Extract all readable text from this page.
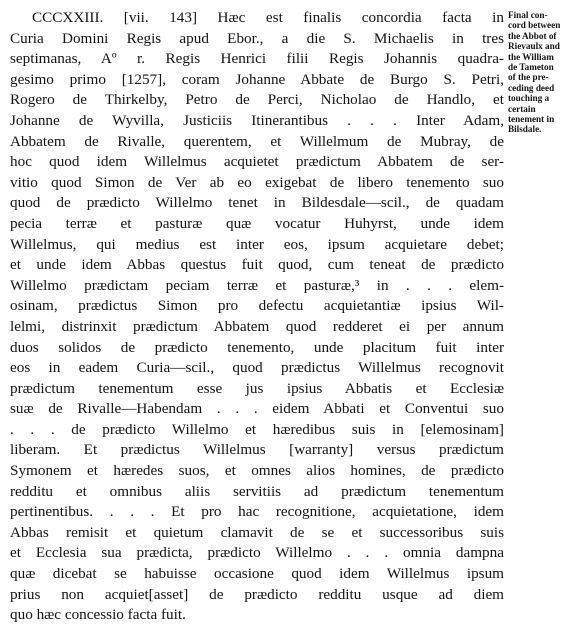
CCCXXIII. [vii. 143] Hæc est finalis concordia facta in
Curia Domini Regis apud Ebor., a die S. Michaelis in tres
septimanas, Aº r. Regis Henrici filii Regis Johannis quadra-
gesimo primo [1257], coram Johanne Abbate de Burgo S. Petri,
Rogero de Thirkelby, Petro de Perci, Nicholao de Handlo, et
Johanne de Wyvilla, Justiciis Itinerantibus . . . Inter Adam,
Abbatem de Rivalle, querentem, et Willelmum de Mubray, de
hoc quod idem Willelmus acquietet prædictum Abbatem de ser-
vitio quod Simon de Ver ab eo exigebat de libero tenemento suo
quod de prædicto Willelmo tenet in Bildesdale—scil., de quadam
pecia terræ et pasturæ quæ vocatur Huhyrst, unde idem
Willelmus, qui medius est inter eos, ipsum acquietare debet;
et unde idem Abbas questus fuit quod, cum teneat de prædicto
Willelmo prædictam peciam terræ et pasturæ,³ in . . . elem-
osinam, prædictus Simon pro defectu acquietantiæ ipsius Wil-
lelmi, distrinxit prædictum Abbatem quod redderet ei per annum
duos solidos de prædicto tenemento, unde placitum fuit inter
eos in eadem Curia—scil., quod prædictus Willelmus recognovit
prædictum tenementum esse jus ipsius Abbatis et Ecclesiæ
suæ de Rivalle—Habendam . . . eidem Abbati et Conventui suo
. . . de prædicto Willelmo et hæredibus suis in [elemosinam]
liberam. Et prædictus Willelmus [warranty] versus prædictum
Symonem et hæredes suos, et omnes alios homines, de prædicto
redditu et omnibus aliis servitiis ad prædictum tenementum
pertinentibus. . . . Et pro hac recognitione, acquietatione, idem
Abbas remisit et quietum clamavit de se et successoribus suis
et Ecclesia sua prædicta, prædicto Willelmo . . . omnia dampna
quæ dicebat se habuisse occasione quod idem Willelmus ipsum
prius non acquiet[asset] de prædicto redditu usque ad diem
quo hæc concessio facta fuit.
Final con-
cord between
the Abbot of
Rievaulx and
the William
de Tameton
of the pre-
ceding deed
touching a
certain
tenement in
Bilsdale.
